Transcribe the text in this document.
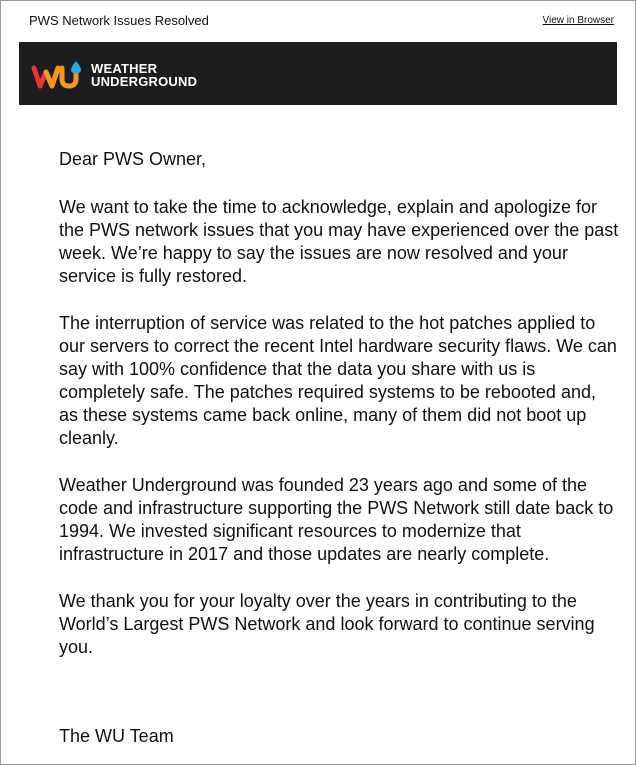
PWS Network Issues Resolved	View in Browser
WEATHER
UNDERGROUND

Dear PWS Owner,

We want to take the time to acknowledge, explain and apologize for the PWS network issues that you may have experienced over the past week. We’re happy to say the issues are now resolved and your service is fully restored.

The interruption of service was related to the hot patches applied to our servers to correct the recent Intel hardware security flaws. We can say with 100% confidence that the data you share with us is completely safe. The patches required systems to be rebooted and, as these systems came back online, many of them did not boot up cleanly.

Weather Underground was founded 23 years ago and some of the code and infrastructure supporting the PWS Network still date back to 1994. We invested significant resources to modernize that infrastructure in 2017 and those updates are nearly complete.

We thank you for your loyalty over the years in contributing to the World’s Largest PWS Network and look forward to continue serving you.

The WU Team
